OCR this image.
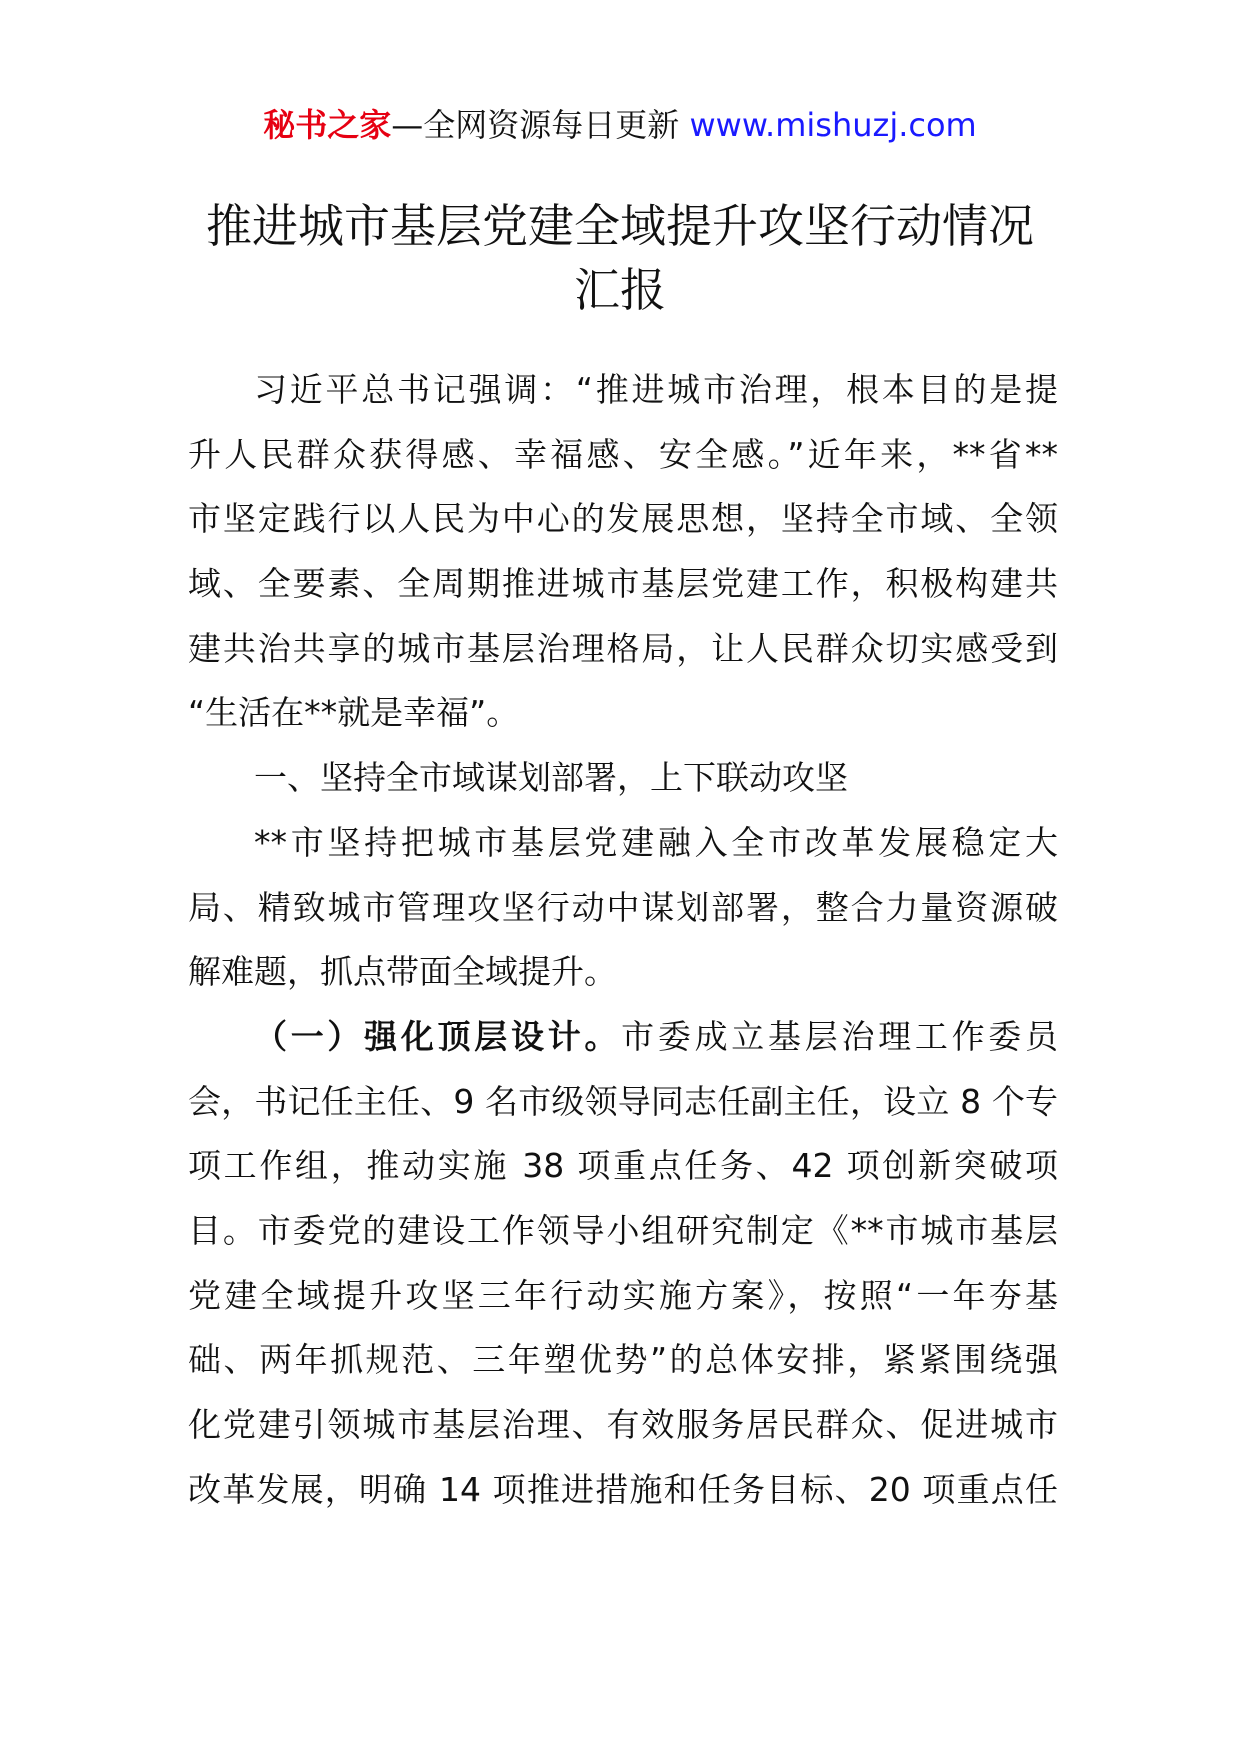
秘书之家—全网资源每日更新 www.mishuzj.com
推进城市基层党建全域提升攻坚行动情况
汇报
习近平总书记强调：“推进城市治理，根本目的是提
升人民群众获得感、幸福感、安全感。”近年来，**省**
市坚定践行以人民为中心的发展思想，坚持全市域、全领
域、全要素、全周期推进城市基层党建工作，积极构建共
建共治共享的城市基层治理格局，让人民群众切实感受到
“生活在**就是幸福”。
一、坚持全市域谋划部署，上下联动攻坚
**市坚持把城市基层党建融入全市改革发展稳定大
局、精致城市管理攻坚行动中谋划部署，整合力量资源破
解难题，抓点带面全域提升。
（一）强化顶层设计。市委成立基层治理工作委员
会，书记任主任、9 名市级领导同志任副主任，设立 8 个专
项工作组，推动实施 38 项重点任务、42 项创新突破项
目。市委党的建设工作领导小组研究制定《**市城市基层
党建全域提升攻坚三年行动实施方案》，按照“一年夯基
础、两年抓规范、三年塑优势”的总体安排，紧紧围绕强
化党建引领城市基层治理、有效服务居民群众、促进城市
改革发展，明确 14 项推进措施和任务目标、20 项重点任
